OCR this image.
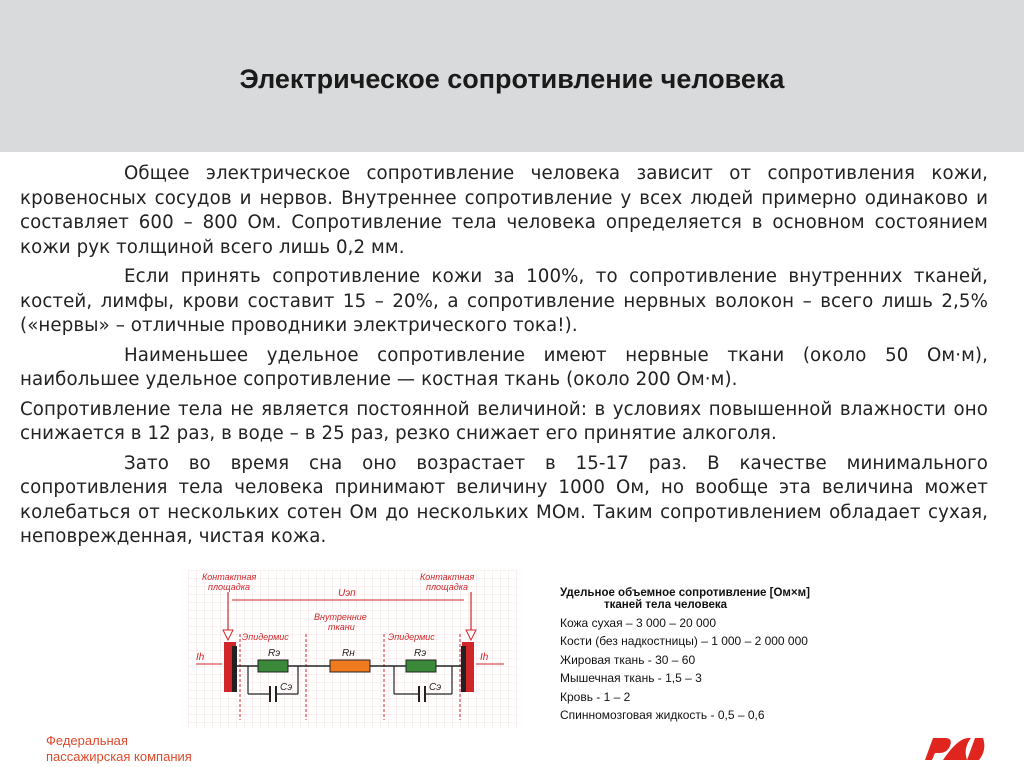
Электрическое сопротивление человека

Общее электрическое сопротивление человека зависит от сопротивления кожи, кровеносных сосудов и нервов. Внутреннее сопротивление у всех людей примерно одинаково и составляет 600 – 800 Ом. Сопротивление тела человека определяется в основном состоянием кожи рук толщиной всего лишь 0,2 мм.

Если принять сопротивление кожи за 100%, то сопротивление внутренних тканей, костей, лимфы, крови составит 15 – 20%, а сопротивление нервных волокон – всего лишь 2,5% («нервы» – отличные проводники электрического тока!).

Наименьшее удельное сопротивление имеют нервные ткани (около 50 Ом·м), наибольшее удельное сопротивление — костная ткань (около 200 Ом·м).

Сопротивление тела не является постоянной величиной: в условиях повышенной влажности оно снижается в 12 раз, в воде – в 25 раз, резко снижает его принятие алкоголя.

Зато во время сна оно возрастает в 15-17 раз. В качестве минимального сопротивления тела человека принимают величину 1000 Ом, но вообще эта величина может колебаться от нескольких сотен Ом до нескольких МОм. Таким сопротивлением обладает сухая, неповрежденная, чистая кожа.

Контактная
площадка
Контактная
площадка
Uэп
Внутренние
ткани
Эпидермис	Эпидермис
Ih	Ih
Rэ
Сэ
Rн	Rэ
Сэ
Удельное объемное сопротивление [Ом×м]
тканей тела человека
Кожа сухая – 3 000 – 20 000
Кости (без надкостницы) – 1 000 – 2 000 000
Жировая ткань - 30 – 60
Мышечная ткань - 1,5 – 3
Кровь - 1 – 2
Спинномозговая жидкость - 0,5 – 0,6
Федеральная
пассажирская компания
